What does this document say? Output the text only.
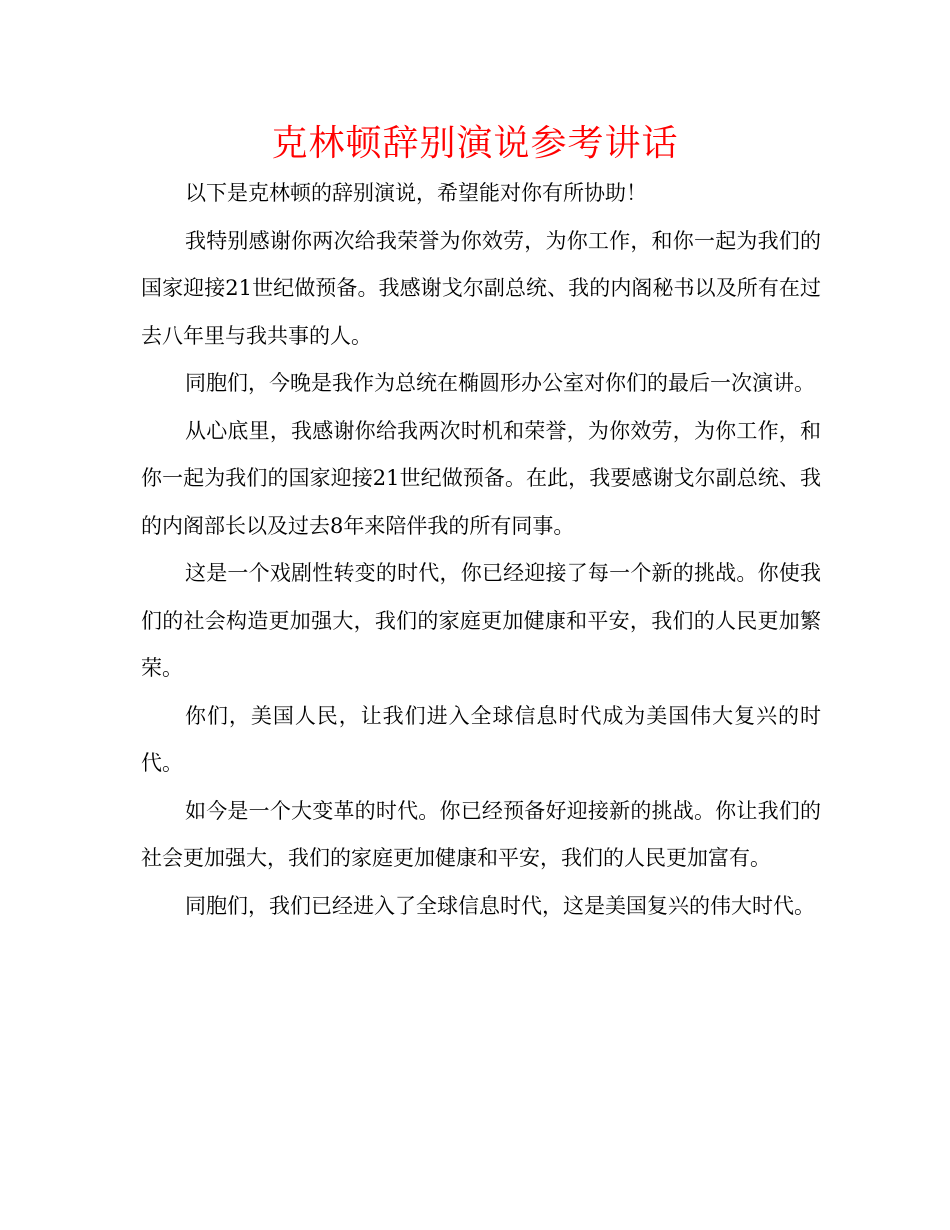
克林顿辞别演说参考讲话

以下是克林顿的辞别演说，希望能对你有所协助！

我特别感谢你两次给我荣誉为你效劳，为你工作，和你一起为我们的国家迎接21世纪做预备。我感谢戈尔副总统、我的内阁秘书以及所有在过去八年里与我共事的人。

同胞们，今晚是我作为总统在椭圆形办公室对你们的最后一次演讲。

从心底里，我感谢你给我两次时机和荣誉，为你效劳，为你工作，和你一起为我们的国家迎接21世纪做预备。在此，我要感谢戈尔副总统、我的内阁部长以及过去8年来陪伴我的所有同事。

这是一个戏剧性转变的时代，你已经迎接了每一个新的挑战。你使我们的社会构造更加强大，我们的家庭更加健康和平安，我们的人民更加繁荣。

你们，美国人民，让我们进入全球信息时代成为美国伟大复兴的时代。

如今是一个大变革的时代。你已经预备好迎接新的挑战。你让我们的社会更加强大，我们的家庭更加健康和平安，我们的人民更加富有。

同胞们，我们已经进入了全球信息时代，这是美国复兴的伟大时代。
